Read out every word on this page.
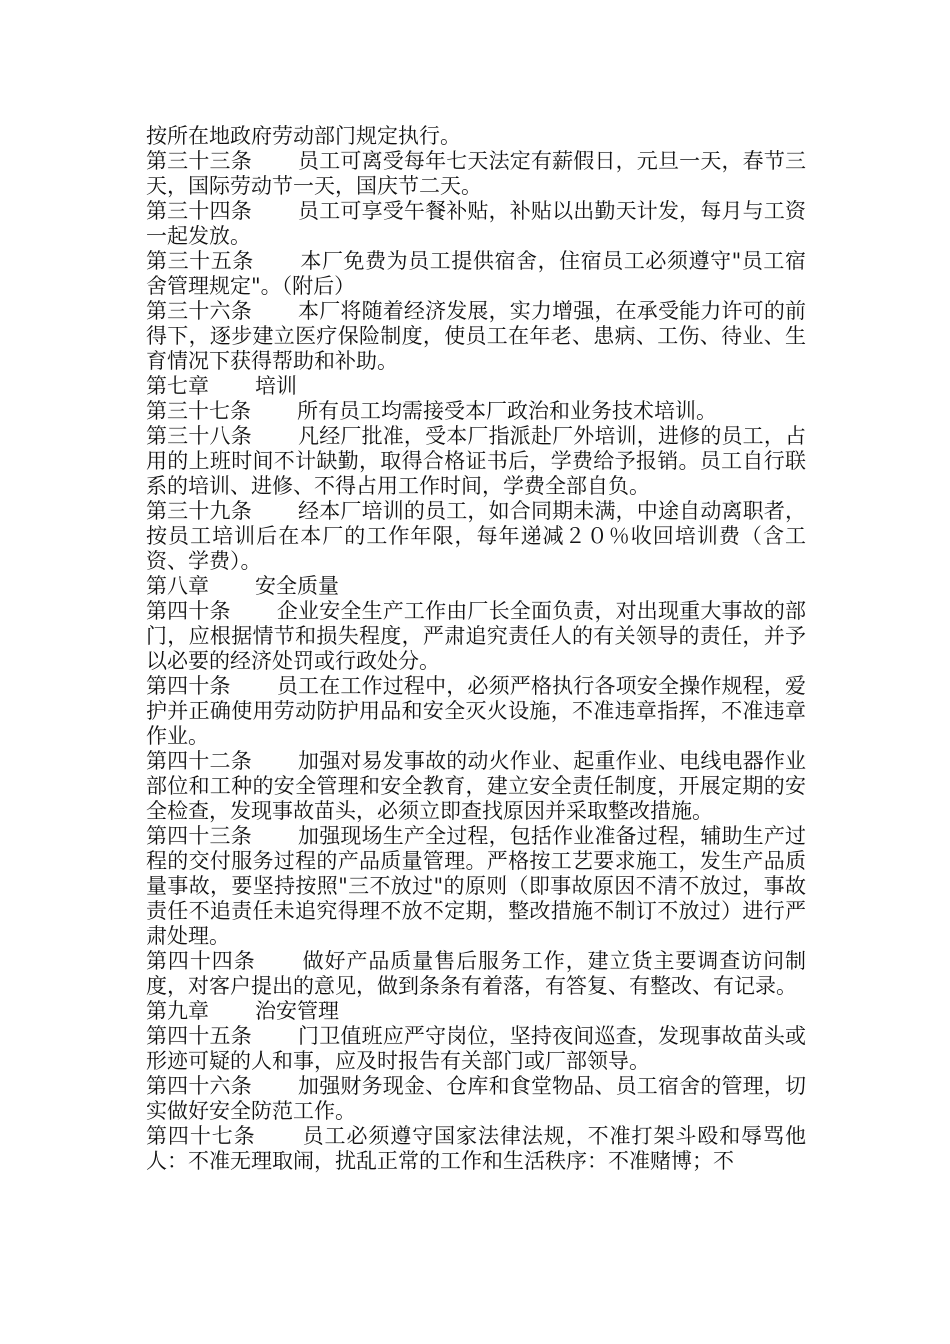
按所在地政府劳动部门规定执行。

第三十三条 员工可离受每年七天法定有薪假日，元旦一天，春节三天，国际劳动节一天，国庆节二天。

第三十四条 员工可享受午餐补贴，补贴以出勤天计发，每月与工资一起发放。

第三十五条 本厂免费为员工提供宿舍，住宿员工必须遵守"员工宿舍管理规定"。（附后）

第三十六条 本厂将随着经济发展，实力增强，在承受能力许可的前得下，逐步建立医疗保险制度，使员工在年老、患病、工伤、待业、生育情况下获得帮助和补助。

第七章 培训

第三十七条 所有员工均需接受本厂政治和业务技术培训。

第三十八条 凡经厂批准，受本厂指派赴厂外培训，进修的员工，占用的上班时间不计缺勤，取得合格证书后，学费给予报销。员工自行联系的培训、进修、不得占用工作时间，学费全部自负。

第三十九条 经本厂培训的员工，如合同期未满，中途自动离职者，按员工培训后在本厂的工作年限，每年递减２０％收回培训费（含工资、学费）。

第八章 安全质量

第四十条 企业安全生产工作由厂长全面负责，对出现重大事故的部门，应根据情节和损失程度，严肃追究责任人的有关领导的责任，并予以必要的经济处罚或行政处分。

第四十条 员工在工作过程中，必须严格执行各项安全操作规程，爱护并正确使用劳动防护用品和安全灭火设施，不准违章指挥，不准违章作业。

第四十二条 加强对易发事故的动火作业、起重作业、电线电器作业部位和工种的安全管理和安全教育，建立安全责任制度，开展定期的安全检查，发现事故苗头，必须立即查找原因并采取整改措施。

第四十三条 加强现场生产全过程，包括作业准备过程，辅助生产过程的交付服务过程的产品质量管理。严格按工艺要求施工，发生产品质量事故，要坚持按照"三不放过"的原则（即事故原因不清不放过，事故责任不追责任未追究得理不放不定期，整改措施不制订不放过）进行严肃处理。

第四十四条 做好产品质量售后服务工作，建立货主要调查访问制度，对客户提出的意见，做到条条有着落，有答复、有整改、有记录。

第九章 治安管理

第四十五条 门卫值班应严守岗位，坚持夜间巡查，发现事故苗头或形迹可疑的人和事，应及时报告有关部门或厂部领导。

第四十六条 加强财务现金、仓库和食堂物品、员工宿舍的管理，切实做好安全防范工作。

第四十七条 员工必须遵守国家法律法规，不准打架斗殴和辱骂他人：不准无理取闹，扰乱正常的工作和生活秩序：不准赌博；不
